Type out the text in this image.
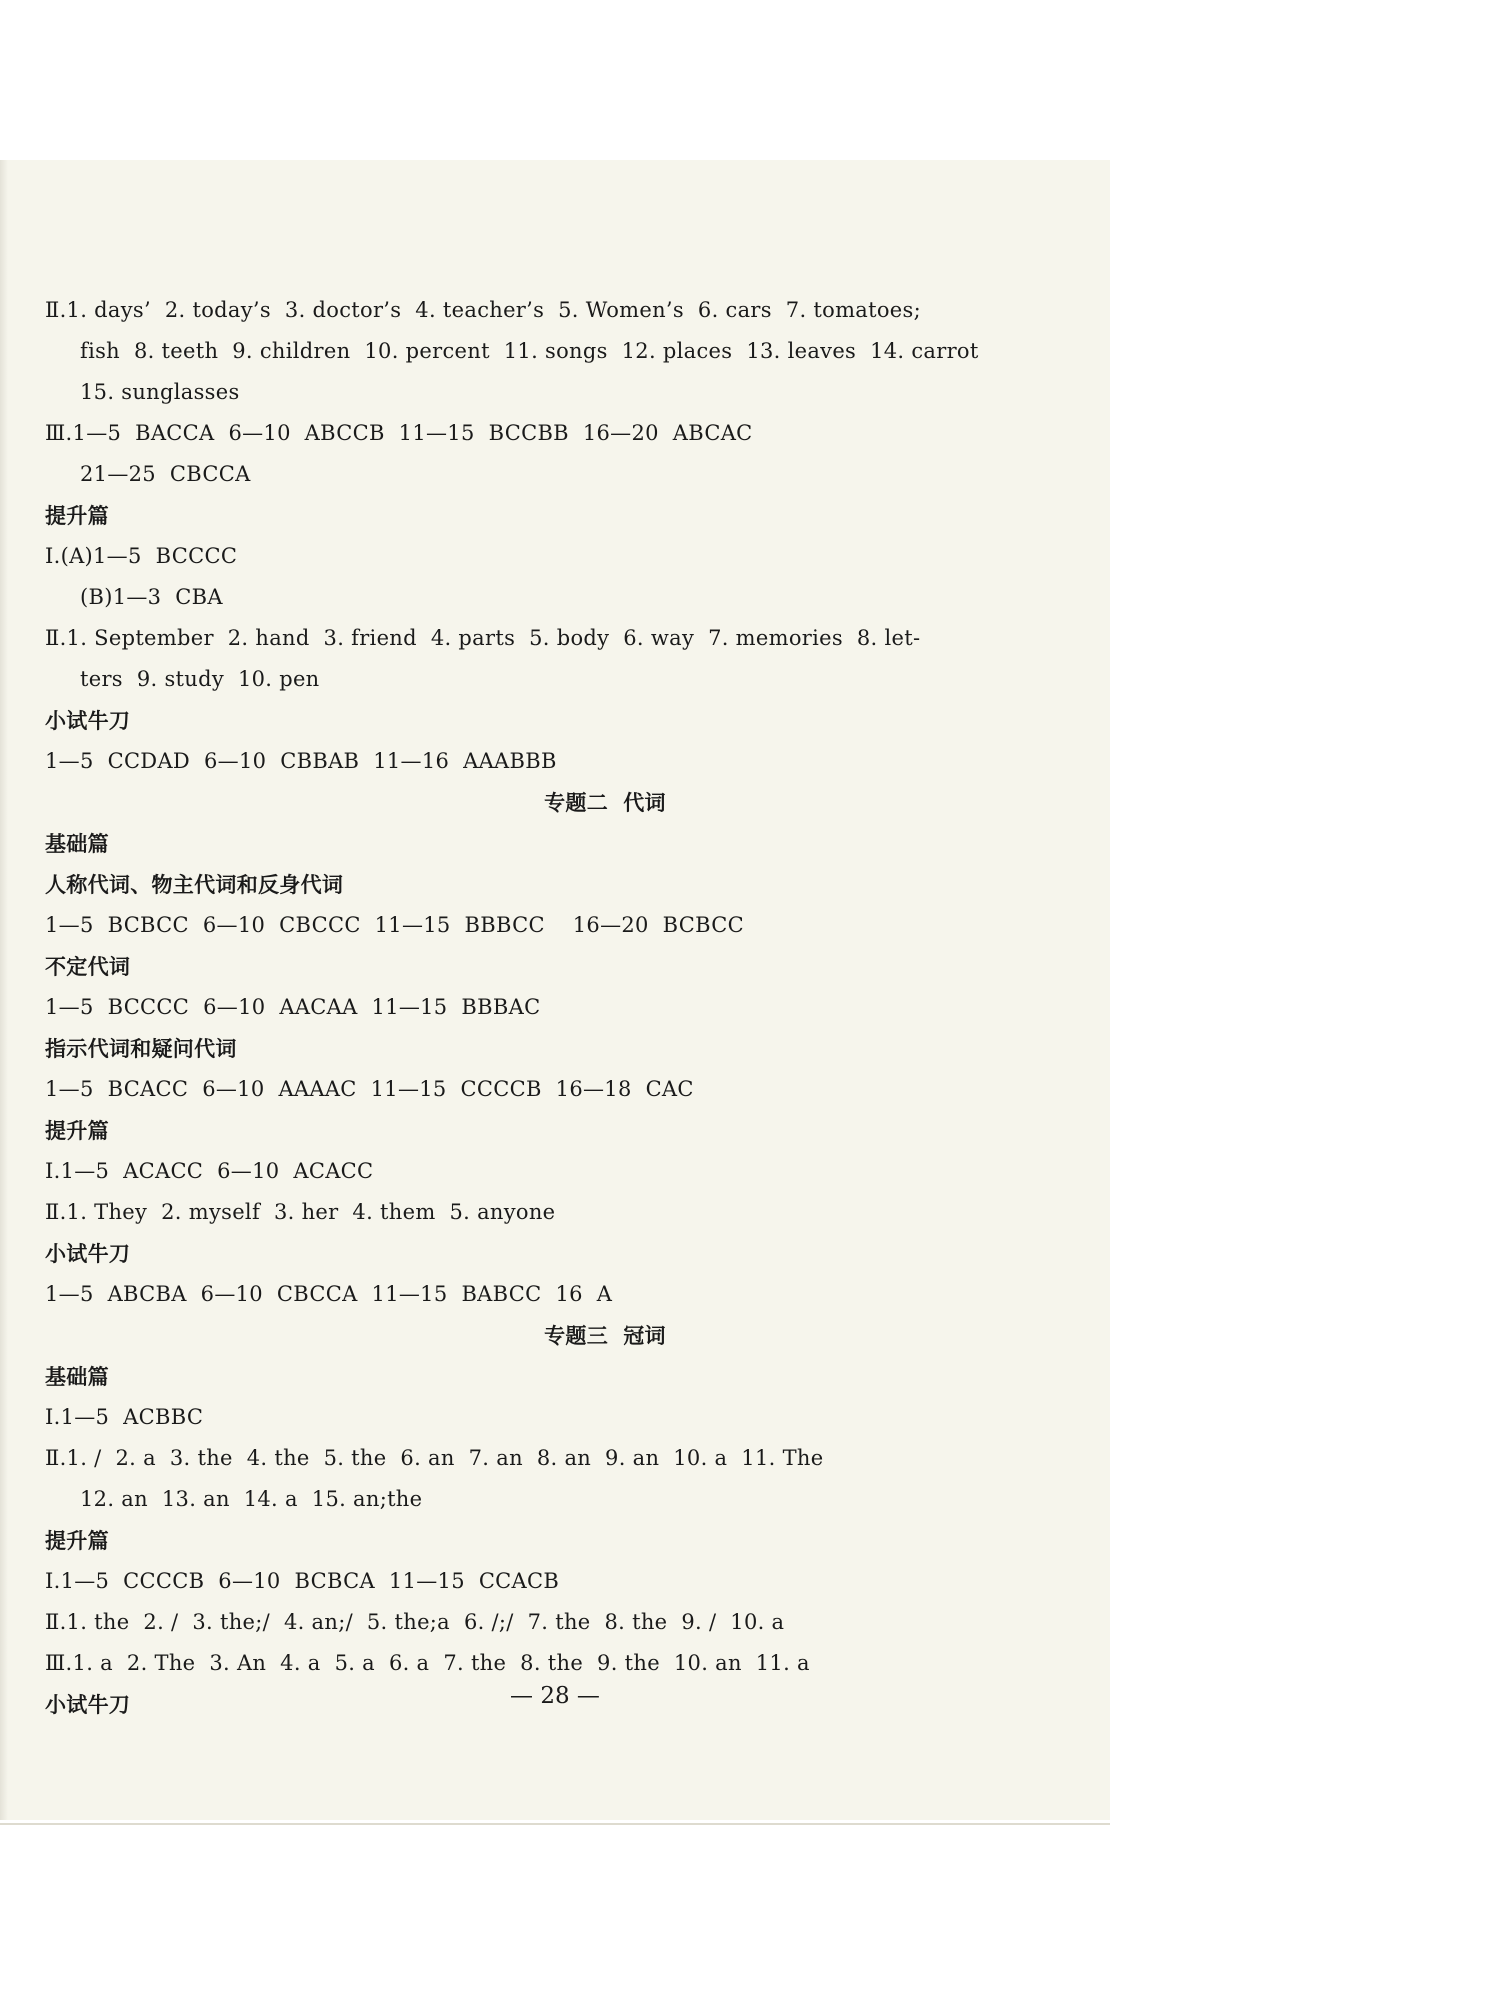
Ⅱ.1. days’  2. today’s  3. doctor’s  4. teacher’s  5. Women’s  6. cars  7. tomatoes;
fish  8. teeth  9. children  10. percent  11. songs  12. places  13. leaves  14. carrot
15. sunglasses
Ⅲ.1—5  BACCA  6—10  ABCCB  11—15  BCCBB  16—20  ABCAC
21—25  CBCCA
提升篇
Ⅰ.(A)1—5  BCCCC
(B)1—3  CBA
Ⅱ.1. September  2. hand  3. friend  4. parts  5. body  6. way  7. memories  8. let-
ters  9. study  10. pen
小试牛刀
1—5  CCDAD  6—10  CBBAB  11—16  AAABBB
专题二  代词
基础篇
人称代词、物主代词和反身代词
1—5  BCBCC  6—10  CBCCC  11—15  BBBCC    16—20  BCBCC
不定代词
1—5  BCCCC  6—10  AACAA  11—15  BBBAC
指示代词和疑问代词
1—5  BCACC  6—10  AAAAC  11—15  CCCCB  16—18  CAC
提升篇
Ⅰ.1—5  ACACC  6—10  ACACC
Ⅱ.1. They  2. myself  3. her  4. them  5. anyone
小试牛刀
1—5  ABCBA  6—10  CBCCA  11—15  BABCC  16  A
专题三  冠词
基础篇
Ⅰ.1—5  ACBBC
Ⅱ.1. /  2. a  3. the  4. the  5. the  6. an  7. an  8. an  9. an  10. a  11. The
12. an  13. an  14. a  15. an;the
提升篇
Ⅰ.1—5  CCCCB  6—10  BCBCA  11—15  CCACB
Ⅱ.1. the  2. /  3. the;/  4. an;/  5. the;a  6. /;/  7. the  8. the  9. /  10. a
Ⅲ.1. a  2. The  3. An  4. a  5. a  6. a  7. the  8. the  9. the  10. an  11. a
小试牛刀	— 28 —
